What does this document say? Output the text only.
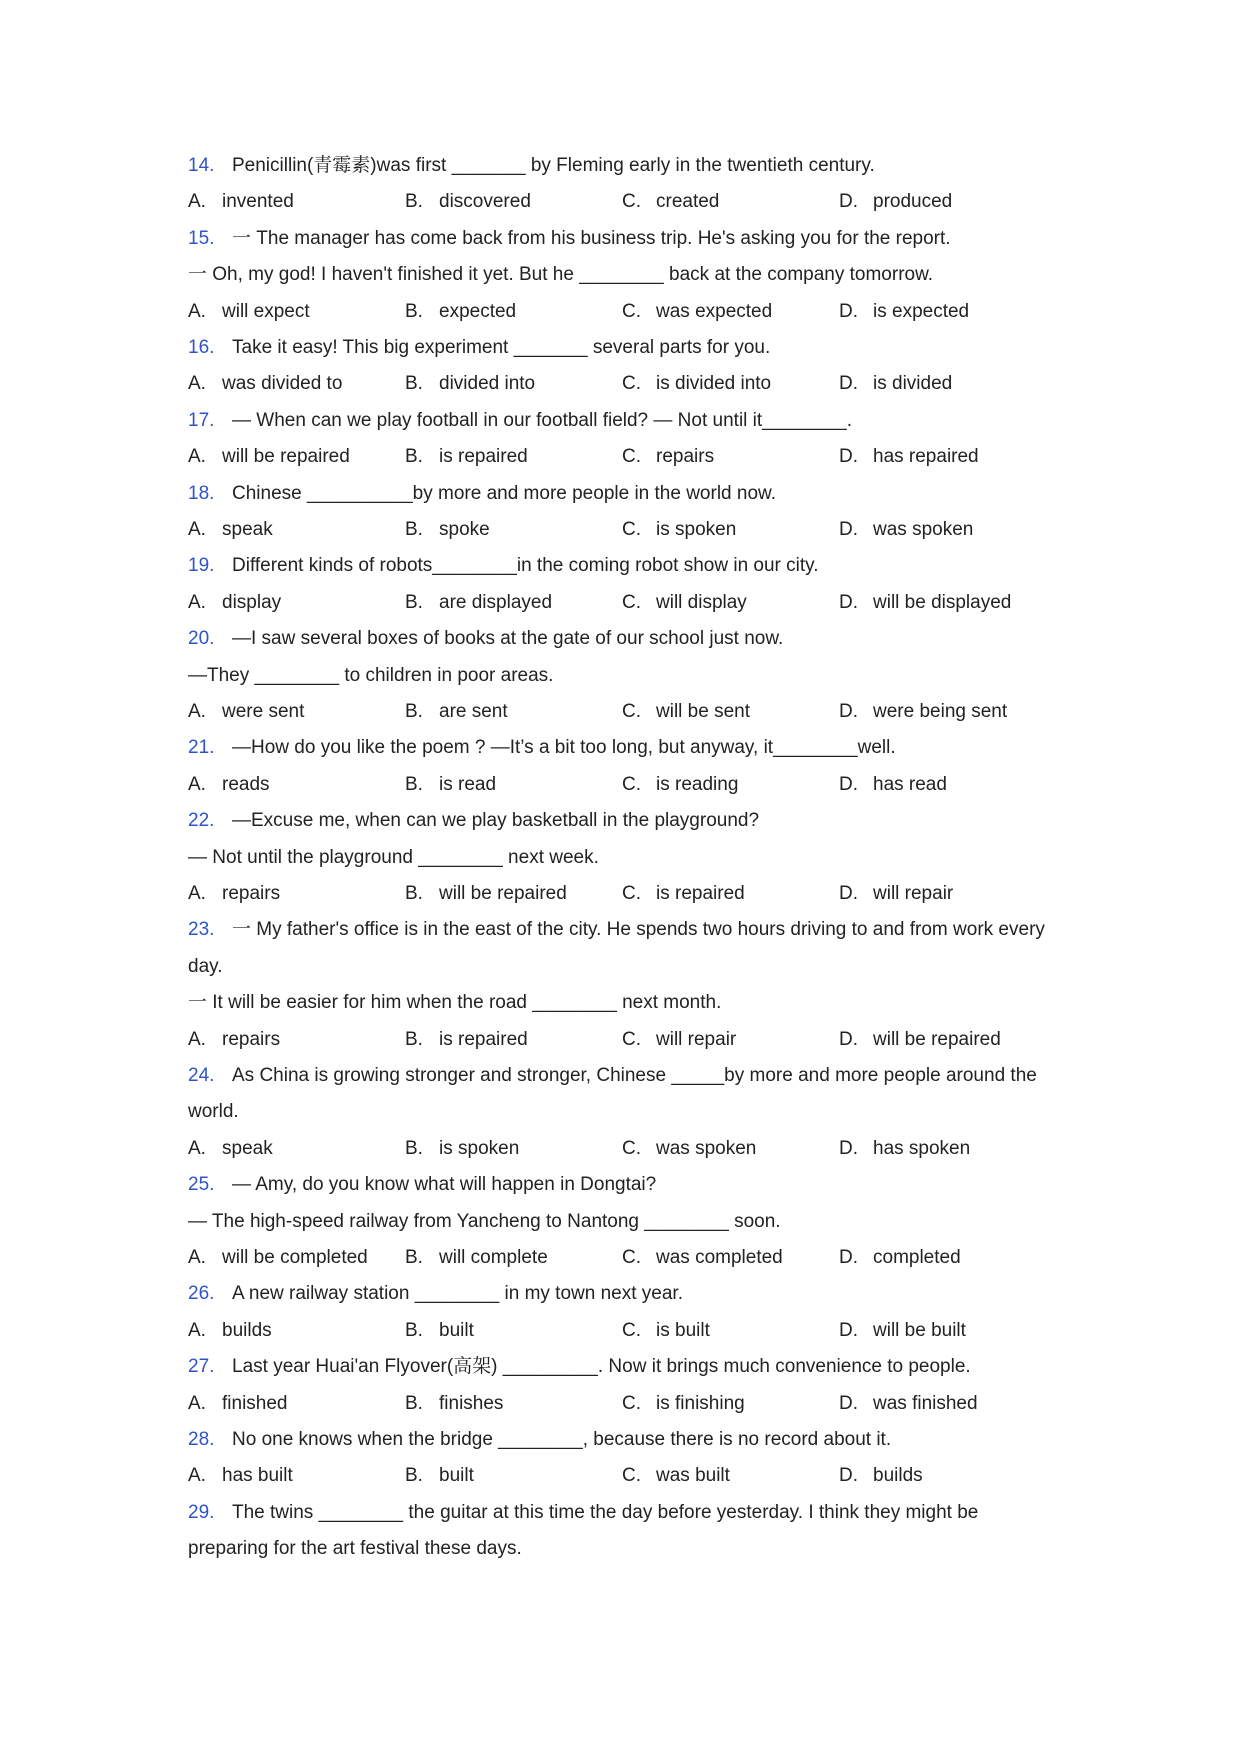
14. Penicillin(青霉素)was first _______ by Fleming early in the twentieth century.
A. invented	B. discovered	C. created	D. produced
15. 一 The manager has come back from his business trip. He's asking you for the report.
一 Oh, my god! I haven't finished it yet. But he ________ back at the company tomorrow.
A. will expect	B. expected	C. was expected	D. is expected
16. Take it easy! This big experiment _______ several parts for you.
A. was divided to	B. divided into	C. is divided into	D. is divided
17. — When can we play football in our football field? — Not until it________.
A. will be repaired	B. is repaired	C. repairs	D. has repaired
18. Chinese __________by more and more people in the world now.
A. speak	B. spoke	C. is spoken	D. was spoken
19. Different kinds of robots________in the coming robot show in our city.
A. display	B. are displayed	C. will display	D. will be displayed
20. —I saw several boxes of books at the gate of our school just now.
—They ________ to children in poor areas.
A. were sent	B. are sent	C. will be sent	D. were being sent
21. —How do you like the poem ? —It’s a bit too long, but anyway, it________well.
A. reads	B. is read	C. is reading	D. has read
22. —Excuse me, when can we play basketball in the playground?
— Not until the playground ________ next week.
A. repairs	B. will be repaired	C. is repaired	D. will repair
23. 一 My father's office is in the east of the city. He spends two hours driving to and from work every day.
一 It will be easier for him when the road ________ next month.
A. repairs	B. is repaired	C. will repair	D. will be repaired
24. As China is growing stronger and stronger, Chinese _____by more and more people around the world.
A. speak	B. is spoken	C. was spoken	D. has spoken
25. — Amy, do you know what will happen in Dongtai?
— The high-speed railway from Yancheng to Nantong ________ soon.
A. will be completed	B. will complete	C. was completed	D. completed
26. A new railway station ________ in my town next year.
A. builds	B. built	C. is built	D. will be built
27. Last year Huai'an Flyover(高架) _________. Now it brings much convenience to people.
A. finished	B. finishes	C. is finishing	D. was finished
28. No one knows when the bridge ________, because there is no record about it.
A. has built	B. built	C. was built	D. builds
29. The twins ________ the guitar at this time the day before yesterday. I think they might be preparing for the art festival these days.
